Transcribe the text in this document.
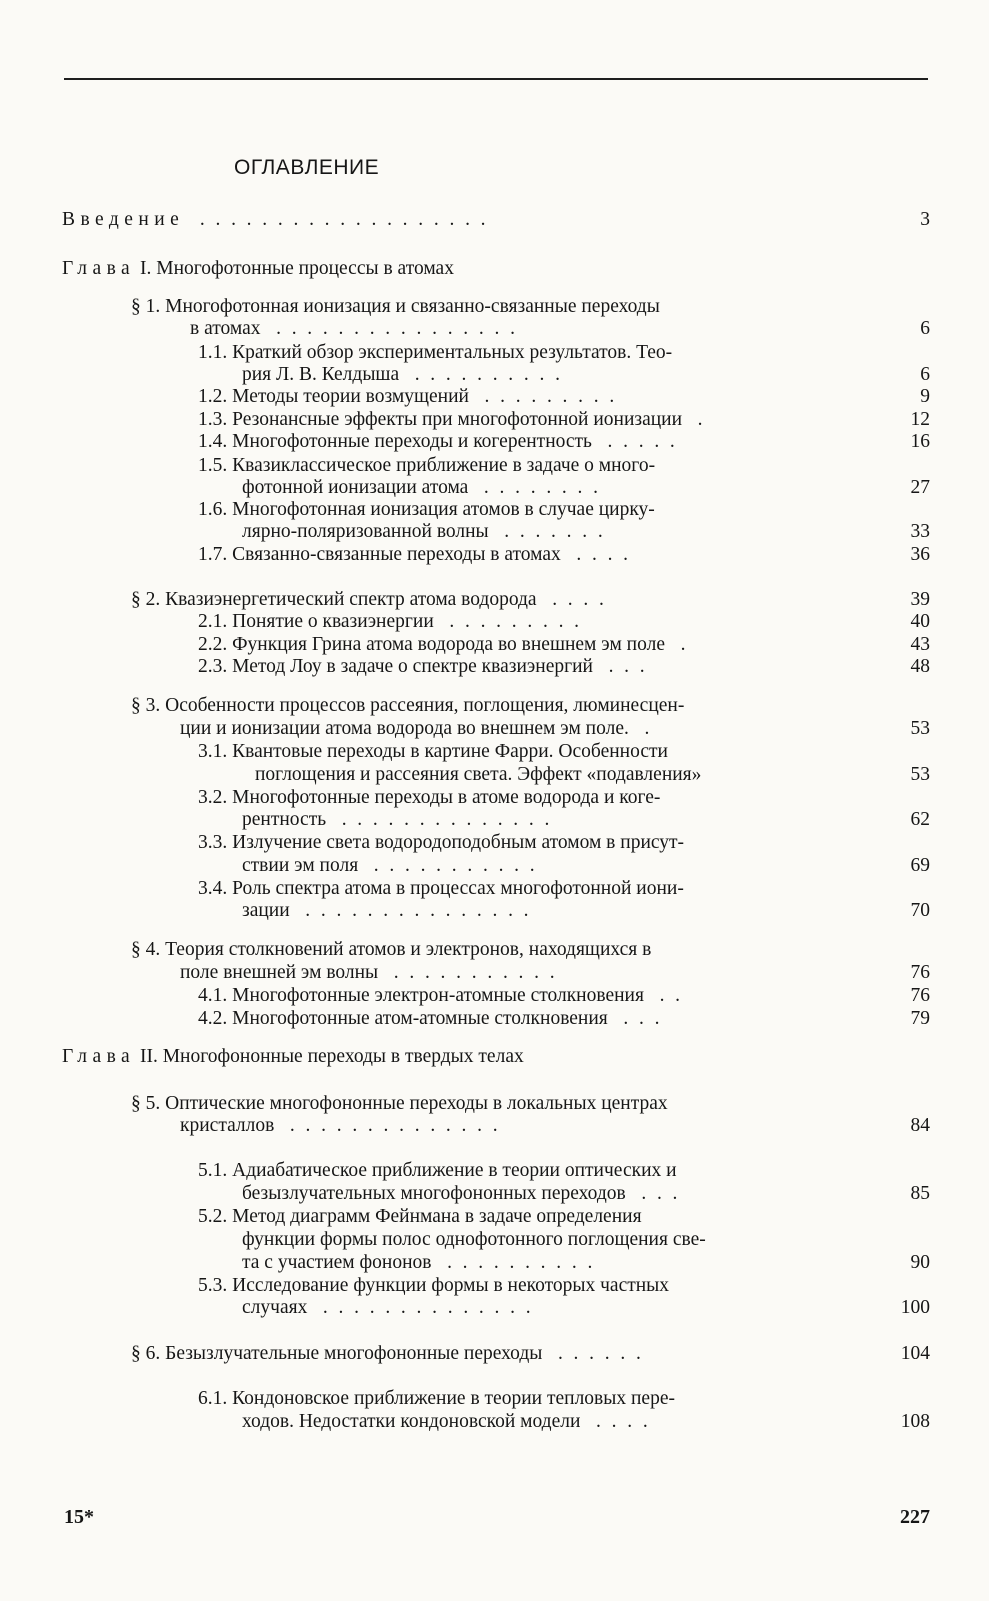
ОГЛАВЛЕНИЕ
Введение ...................	3
Глава I. Многофотонные процессы в атомах
§ 1. Многофотонная ионизация и связанно-связанные переходы
в атомах ................	6
1.1. Краткий обзор экспериментальных результатов. Тео-
рия Л. В. Келдыша ..........	6
1.2. Методы теории возмущений .........	9
1.3. Резонансные эффекты при многофотонной ионизации .	12
1.4. Многофотонные переходы и когерентность .....	16
1.5. Квазиклассическое приближение в задаче о много-
фотонной ионизации атома ........	27
1.6. Многофотонная ионизация атомов в случае цирку-
лярно-поляризованной волны .......	33
1.7. Связанно-связанные переходы в атомах ....	36
§ 2. Квазиэнергетический спектр атома водорода ....	39
2.1. Понятие о квазиэнергии .........	40
2.2. Функция Грина атома водорода во внешнем эм поле .	43
2.3. Метод Лоу в задаче о спектре квазиэнергий ...	48
§ 3. Особенности процессов рассеяния, поглощения, люминесцен-
ции и ионизации атома водорода во внешнем эм поле. .	53
3.1. Квантовые переходы в картине Фарри. Особенности
поглощения и рассеяния света. Эффект «подавления»	53
3.2. Многофотонные переходы в атоме водорода и коге-
рентность ..............	62
3.3. Излучение света водородоподобным атомом в присут-
ствии эм поля ...........	69
3.4. Роль спектра атома в процессах многофотонной иони-
зации ...............	70
§ 4. Теория столкновений атомов и электронов, находящихся в
поле внешней эм волны ...........	76
4.1. Многофотонные электрон-атомные столкновения ..	76
4.2. Многофотонные атом-атомные столкновения ...	79
Глава II. Многофононные переходы в твердых телах
§ 5. Оптические многофононные переходы в локальных центрах
кристаллов ..............	84
5.1. Адиабатическое приближение в теории оптических и
безызлучательных многофононных переходов ...	85
5.2. Метод диаграмм Фейнмана в задаче определения
функции формы полос однофотонного поглощения све-
та с участием фононов ..........	90
5.3. Исследование функции формы в некоторых частных
случаях ..............	100
§ 6. Безызлучательные многофононные переходы ......	104
6.1. Кондоновское приближение в теории тепловых пере-
ходов. Недостатки кондоновской модели ....	108
15*	227
